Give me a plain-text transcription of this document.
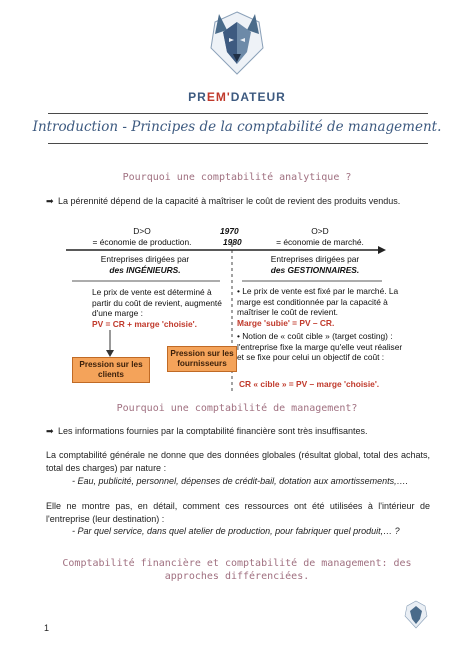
PREM'DATEUR
Introduction - Principes de la comptabilité de management.
Pourquoi une comptabilité analytique ?
➡ La pérennité dépend de la capacité à maîtriser le coût de revient des produits vendus.
D>O
= économie de production.
1970
1980
O>D
= économie de marché.
Entreprises dirigées par
des INGÉNIEURS.
Entreprises dirigées par
des GESTIONNAIRES.
Le prix de vente est déterminé à partir du coût de revient, augmenté d'une marge :
PV = CR + marge 'choisie'.
• Le prix de vente est fixé par le marché. La marge est conditionnée par la capacité à maîtriser le coût de revient.
Marge 'subie' = PV – CR.
• Notion de « coût cible » (target costing) : l'entreprise fixe la marge qu'elle veut réaliser et se fixe pour celui un objectif de coût :
CR « cible » = PV – marge 'choisie'.
Pression sur les clients
Pression sur les fournisseurs
Pourquoi une comptabilité de management?
➡ Les informations fournies par la comptabilité financière sont très insuffisantes.
La comptabilité générale ne donne que des données globales (résultat global, total des achats, total des charges) par nature :
- Eau, publicité, personnel, dépenses de crédit-bail, dotation aux amortissements,….
Elle ne montre pas, en détail, comment ces ressources ont été utilisées à l'intérieur de l'entreprise (leur destination) :
- Par quel service, dans quel atelier de production, pour fabriquer quel produit,… ?
Comptabilité financière et comptabilité de management: des
approches différenciées.
1
